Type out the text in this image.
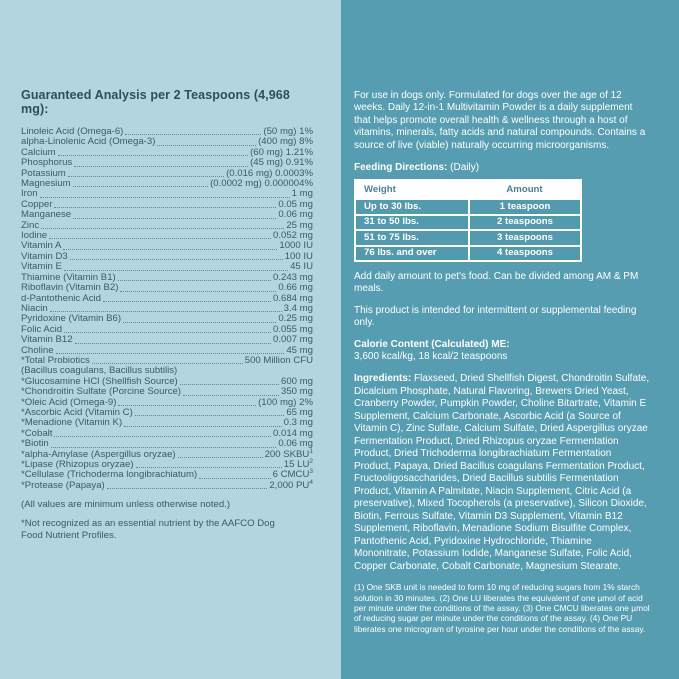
Guaranteed Analysis per 2 Teaspoons (4,968 mg):
Linoleic Acid (Omega-6)	(50 mg) 1%
alpha-Linolenic Acid (Omega-3)	(400 mg) 8%
Calcium	(60 mg) 1.21%
Phosphorus	(45 mg) 0.91%
Potassium	(0.016 mg) 0.0003%
Magnesium	(0.0002 mg) 0.000004%
Iron	1 mg
Copper	0.05 mg
Manganese	0.06 mg
Zinc	25 mg
Iodine	0.052 mg
Vitamin A	1000 IU
Vitamin D3	100 IU
Vitamin E	45 IU
Thiamine (Vitamin B1)	0.243 mg
Riboflavin (Vitamin B2)	0.66 mg
d-Pantothenic Acid	0.684 mg
Niacin	3.4 mg
Pyridoxine (Vitamin B6)	0.25 mg
Folic Acid	0.055 mg
Vitamin B12	0.007 mg
Choline	45 mg
*Total Probiotics	500 Million CFU
(Bacillus coagulans, Bacillus subtilis)
*Glucosamine HCl (Shellfish Source)	600 mg
*Chondroitin Sulfate (Porcine Source)	350 mg
*Oleic Acid (Omega-9)	(100 mg) 2%
*Ascorbic Acid (Vitamin C)	65 mg
*Menadione (Vitamin K)	0.3 mg
*Cobalt	0.014 mg
*Biotin	0.06 mg
*alpha-Amylase (Aspergillus oryzae)	200 SKBU$^1$
*Lipase (Rhizopus oryzae)	15 $LU^2$
*Cellulase (Trichoderma longibrachiatum)	6 CMCU$^3$
*Protease (Papaya)	2,000 $PU^4$
(All values are minimum unless otherwise noted.)
*Not recognized as an essential nutrient by the AAFCO Dog Food Nutrient Profiles.

For use in dogs only. Formulated for dogs over the age of 12 weeks. Daily 12-in-1 Multivitamin Powder is a daily supplement that helps promote overall health & wellness through a host of vitamins, minerals, fatty acids and natural compounds. Contains a source of live (viable) naturally occurring microorganisms.

Feeding Directions: (Daily)
Weight	Amount
Up to 30 lbs.	1 teaspoon
31 to 50 lbs.	2 teaspoons
51 to 75 lbs.	3 teaspoons
76 lbs. and over	4 teaspoons

Add daily amount to pet's food. Can be divided among AM & PM meals.

This product is intended for intermittent or supplemental feeding only.

Calorie Content (Calculated) ME:
3,600 kcal/kg, 18 kcal/2 teaspoons

Ingredients: Flaxseed, Dried Shellfish Digest, Chondroitin Sulfate, Dicalcium Phosphate, Natural Flavoring, Brewers Dried Yeast, Cranberry Powder, Pumpkin Powder, Choline Bitartrate, Vitamin E Supplement, Calcium Carbonate, Ascorbic Acid (a Source of Vitamin C), Zinc Sulfate, Calcium Sulfate, Dried Aspergillus oryzae Fermentation Product, Dried Rhizopus oryzae Fermentation Product, Dried Trichoderma longibrachiatum Fermentation Product, Papaya, Dried Bacillus coagulans Fermentation Product, Fructooligosaccharides, Dried Bacillus subtilis Fermentation Product, Vitamin A Palmitate, Niacin Supplement, Citric Acid (a preservative), Mixed Tocopherols (a preservative), Silicon Dioxide, Biotin, Ferrous Sulfate, Vitamin D3 Supplement, Vitamin B12 Supplement, Riboflavin, Menadione Sodium Bisulfite Complex, Pantothenic Acid, Pyridoxine Hydrochloride, Thiamine Mononitrate, Potassium Iodide, Manganese Sulfate, Folic Acid, Copper Carbonate, Cobalt Carbonate, Magnesium Stearate.

(1) One SKB unit is needed to form 10 mg of reducing sugars from 1% starch solution in 30 minutes. (2) One LU liberates the equivalent of one µmol of acid per minute under the conditions of the assay. (3) One CMCU liberates one µmol of reducing sugar per minute under the conditions of the assay. (4) One PU liberates one microgram of tyrosine per hour under the conditions of the assay.
